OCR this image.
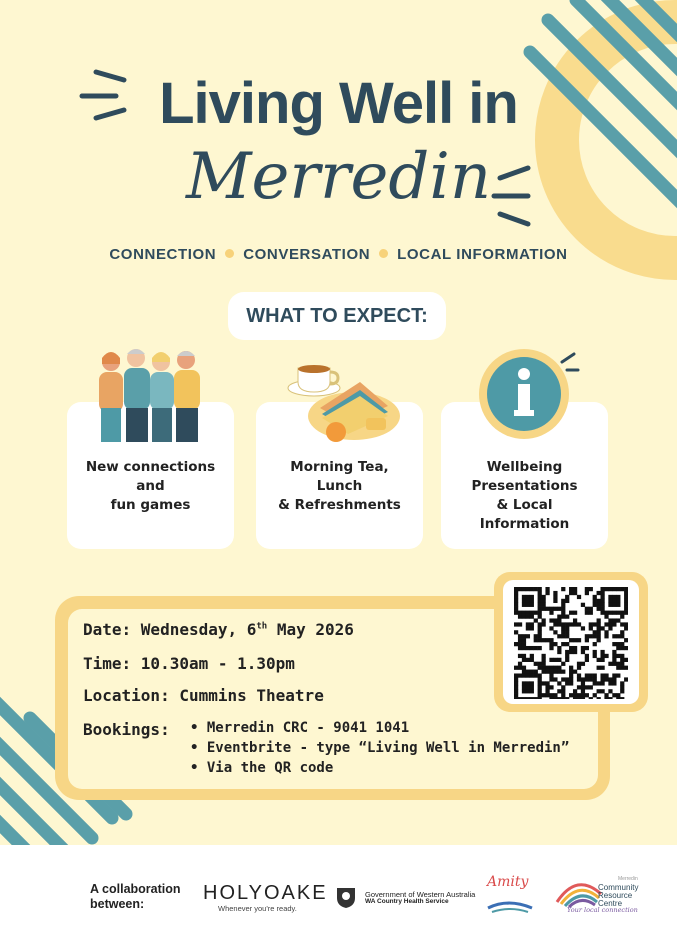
Living Well in
Merredin
CONNECTION CONVERSATION LOCAL INFORMATION
WHAT TO EXPECT:
New connections
and
fun games
Morning Tea,
Lunch
& Refreshments
Wellbeing
Presentations
& Local
Information
Date: Wednesday, 6th May 2026
Time: 10.30am - 1.30pm
Location: Cummins Theatre
Bookings: • Merredin CRC - 9041 1041
• Eventbrite - type “Living Well in Merredin”
• Via the QR code
A collaboration
between:	HOLYOAKE
Whenever you're ready.
Government of Western Australia
WA Country Health Service
Amity	Merredin
Community
Resource
Centre
Your local connection
